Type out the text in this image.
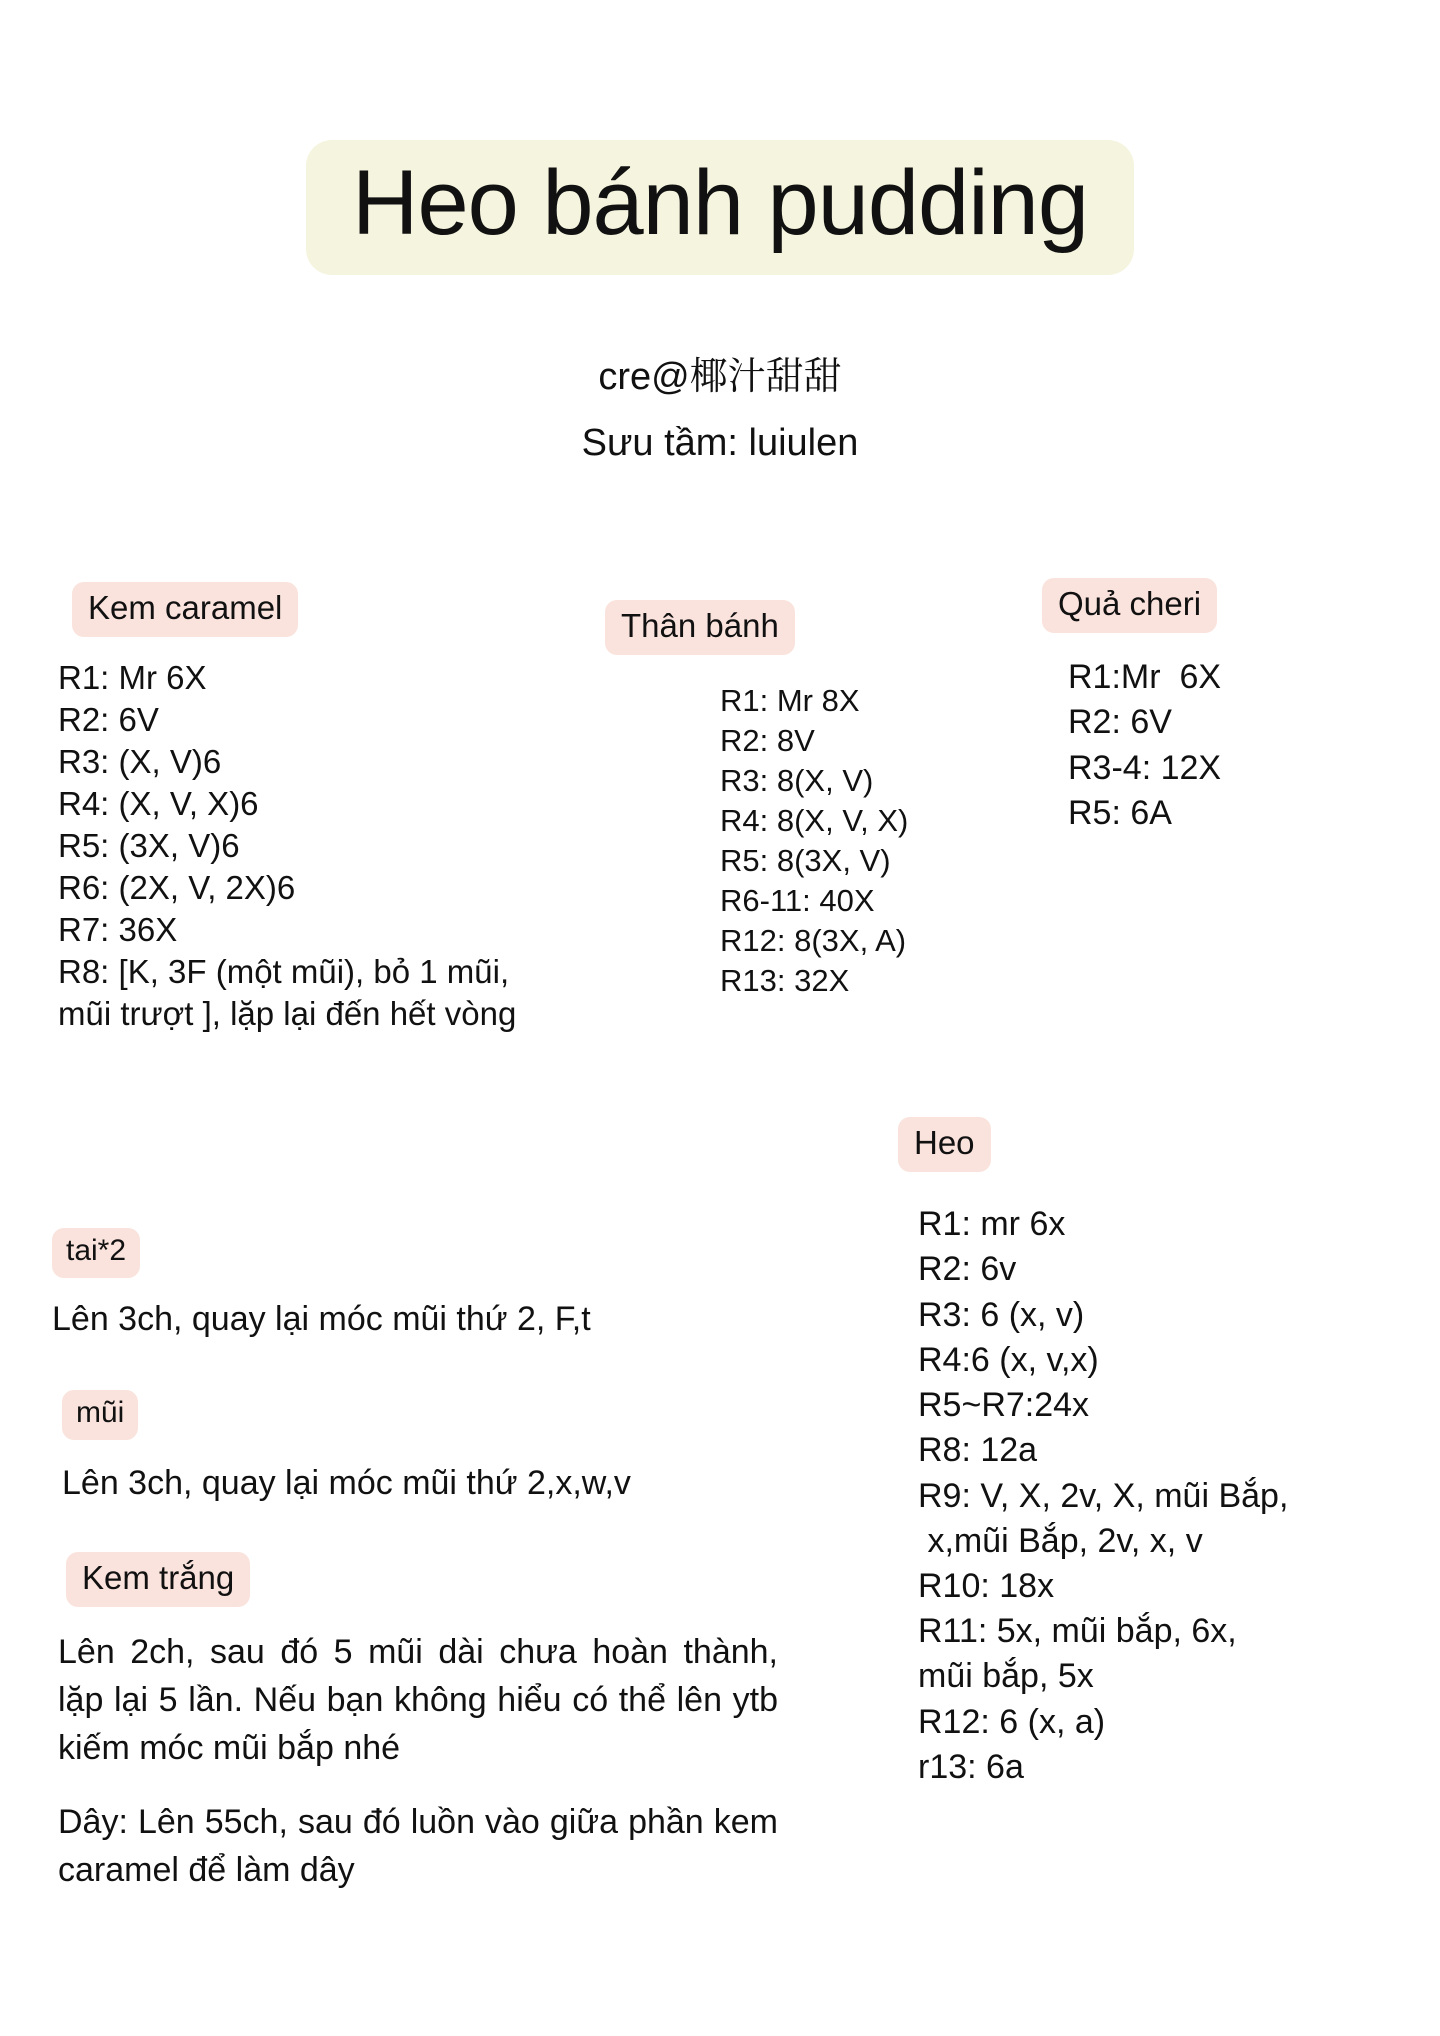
Heo bánh pudding
cre@椰汁甜甜
Sưu tầm: luiulen
Kem caramel
R1: Mr 6X
R2: 6V
R3: (X, V)6
R4: (X, V, X)6
R5: (3X, V)6
R6: (2X, V, 2X)6
R7: 36X
R8: [K, 3F (một mũi), bỏ 1 mũi,
mũi trượt ], lặp lại đến hết vòng
Thân bánh
R1: Mr 8X
R2: 8V
R3: 8(X, V)
R4: 8(X, V, X)
R5: 8(3X, V)
R6-11: 40X
R12: 8(3X, A)
R13: 32X
Quả cheri
R1:Mr  6X
R2: 6V
R3-4: 12X
R5: 6A
tai*2
Lên 3ch, quay lại móc mũi thứ 2, F,t
mũi
Lên 3ch, quay lại móc mũi thứ 2,x,w,v
Kem trắng
Lên 2ch, sau đó 5 mũi dài chưa hoàn thành, lặp lại 5 lần. Nếu bạn không hiểu có thể lên ytb kiếm móc mũi bắp nhé
Dây: Lên 55ch, sau đó luồn vào giữa phần kem caramel để làm dây
Heo
R1: mr 6x
R2: 6v
R3: 6 (x, v)
R4:6 (x, v,x)
R5~R7:24x
R8: 12a
R9: V, X, 2v, X, mũi Bắp,
x,mũi Bắp, 2v, x, v
R10: 18x
R11: 5x, mũi bắp, 6x,
mũi bắp, 5x
R12: 6 (x, a)
r13: 6a
